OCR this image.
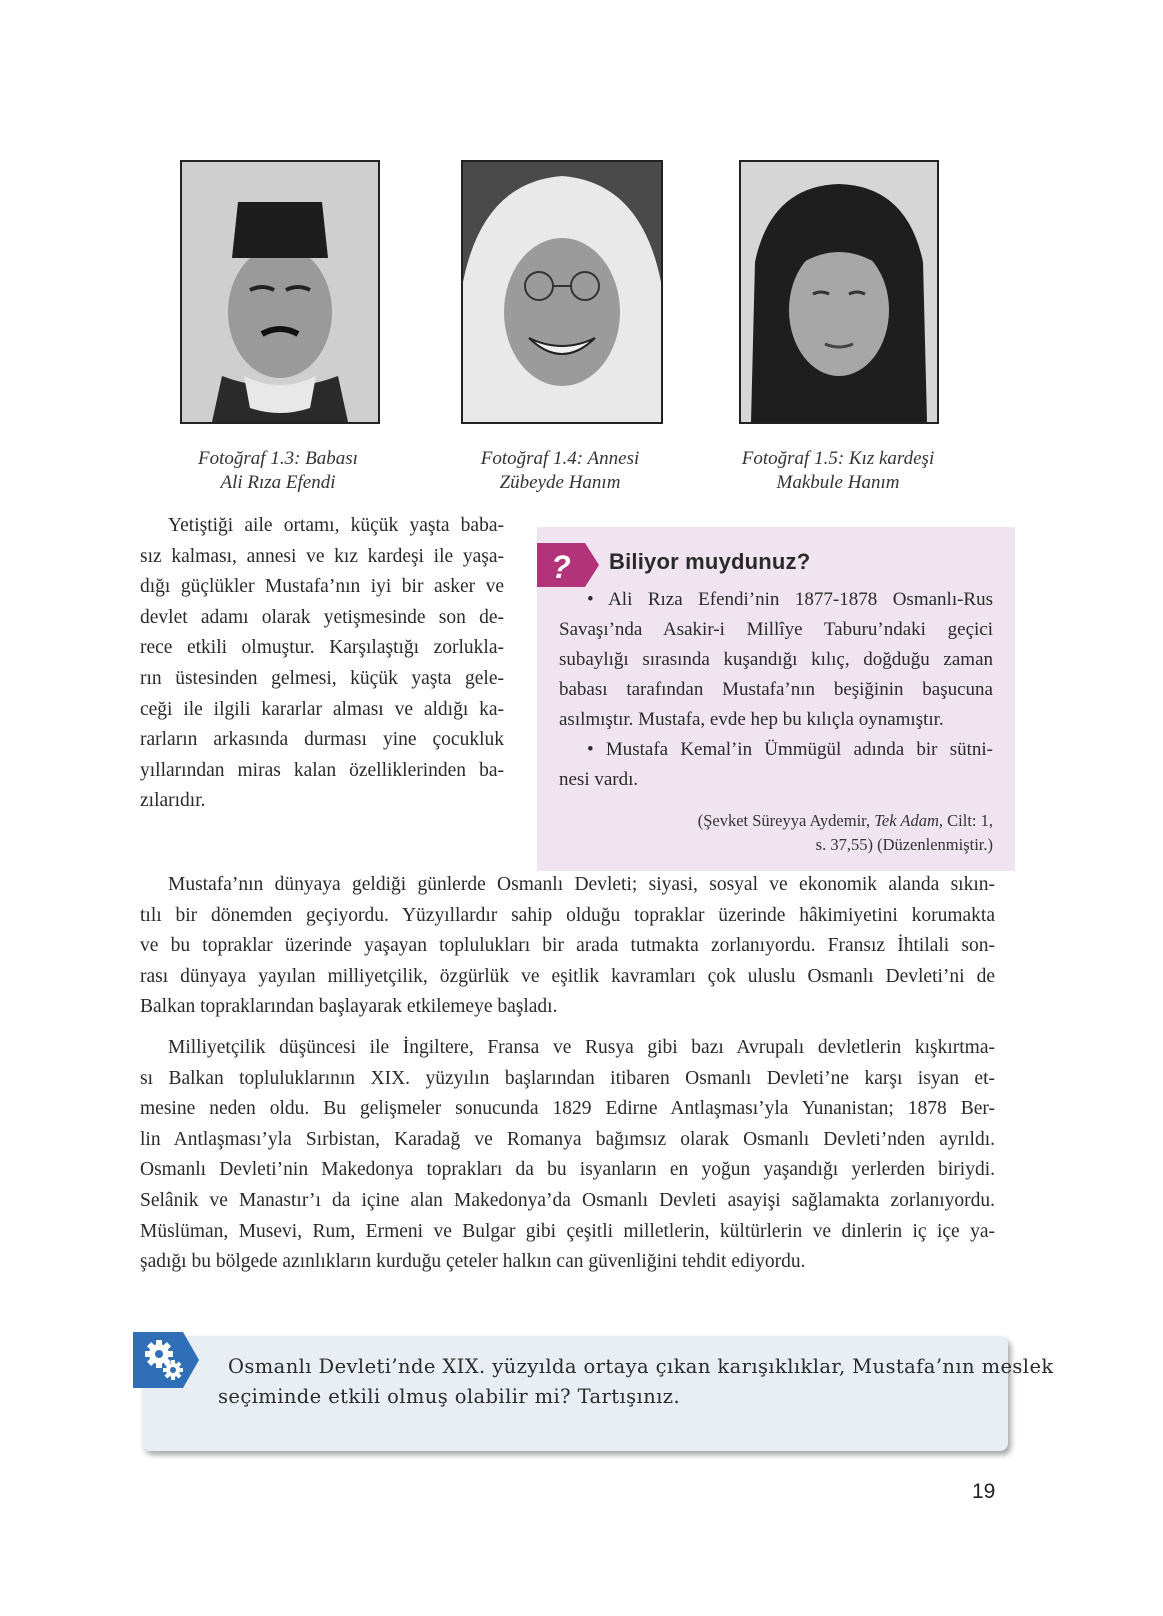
Fotoğraf 1.3: Babası
Ali Rıza Efendi
Fotoğraf 1.4: Annesi
Zübeyde Hanım
Fotoğraf 1.5: Kız kardeşi
Makbule Hanım
Yetiştiği aile ortamı, küçük yaşta baba-
sız kalması, annesi ve kız kardeşi ile yaşa-
dığı güçlükler Mustafa’nın iyi bir asker ve
devlet adamı olarak yetişmesinde son de-
rece etkili olmuştur. Karşılaştığı zorlukla-
rın üstesinden gelmesi, küçük yaşta gele-
ceği ile ilgili kararlar alması ve aldığı ka-
rarların arkasında durması yine çocukluk
yıllarından miras kalan özelliklerinden ba-
zılarıdır.
? Biliyor muydunuz?
• Ali Rıza Efendi’nin 1877-1878 Osmanlı-Rus
Savaşı’nda Asakir-i Millîye Taburu’ndaki geçici
subaylığı sırasında kuşandığı kılıç, doğduğu zaman
babası tarafından Mustafa’nın beşiğinin başucuna
asılmıştır. Mustafa, evde hep bu kılıçla oynamıştır.
• Mustafa Kemal’in Ümmügül adında bir sütni-
nesi vardı.
(Şevket Süreyya Aydemir, Tek Adam, Cilt: 1,
s. 37,55) (Düzenlenmiştir.)
Mustafa’nın dünyaya geldiği günlerde Osmanlı Devleti; siyasi, sosyal ve ekonomik alanda sıkın-
tılı bir dönemden geçiyordu. Yüzyıllardır sahip olduğu topraklar üzerinde hâkimiyetini korumakta
ve bu topraklar üzerinde yaşayan toplulukları bir arada tutmakta zorlanıyordu. Fransız İhtilali son-
rası dünyaya yayılan milliyetçilik, özgürlük ve eşitlik kavramları çok uluslu Osmanlı Devleti’ni de
Balkan topraklarından başlayarak etkilemeye başladı.
Milliyetçilik düşüncesi ile İngiltere, Fransa ve Rusya gibi bazı Avrupalı devletlerin kışkırtma-
sı Balkan topluluklarının XIX. yüzyılın başlarından itibaren Osmanlı Devleti’ne karşı isyan et-
mesine neden oldu. Bu gelişmeler sonucunda 1829 Edirne Antlaşması’yla Yunanistan; 1878 Ber-
lin Antlaşması’yla Sırbistan, Karadağ ve Romanya bağımsız olarak Osmanlı Devleti’nden ayrıldı.
Osmanlı Devleti’nin Makedonya toprakları da bu isyanların en yoğun yaşandığı yerlerden biriydi.
Selânik ve Manastır’ı da içine alan Makedonya’da Osmanlı Devleti asayişi sağlamakta zorlanıyordu.
Müslüman, Musevi, Rum, Ermeni ve Bulgar gibi çeşitli milletlerin, kültürlerin ve dinlerin iç içe ya-
şadığı bu bölgede azınlıkların kurduğu çeteler halkın can güvenliğini tehdit ediyordu.
Osmanlı Devleti’nde XIX. yüzyılda ortaya çıkan karışıklıklar, Mustafa’nın meslek
seçiminde etkili olmuş olabilir mi? Tartışınız.
19
